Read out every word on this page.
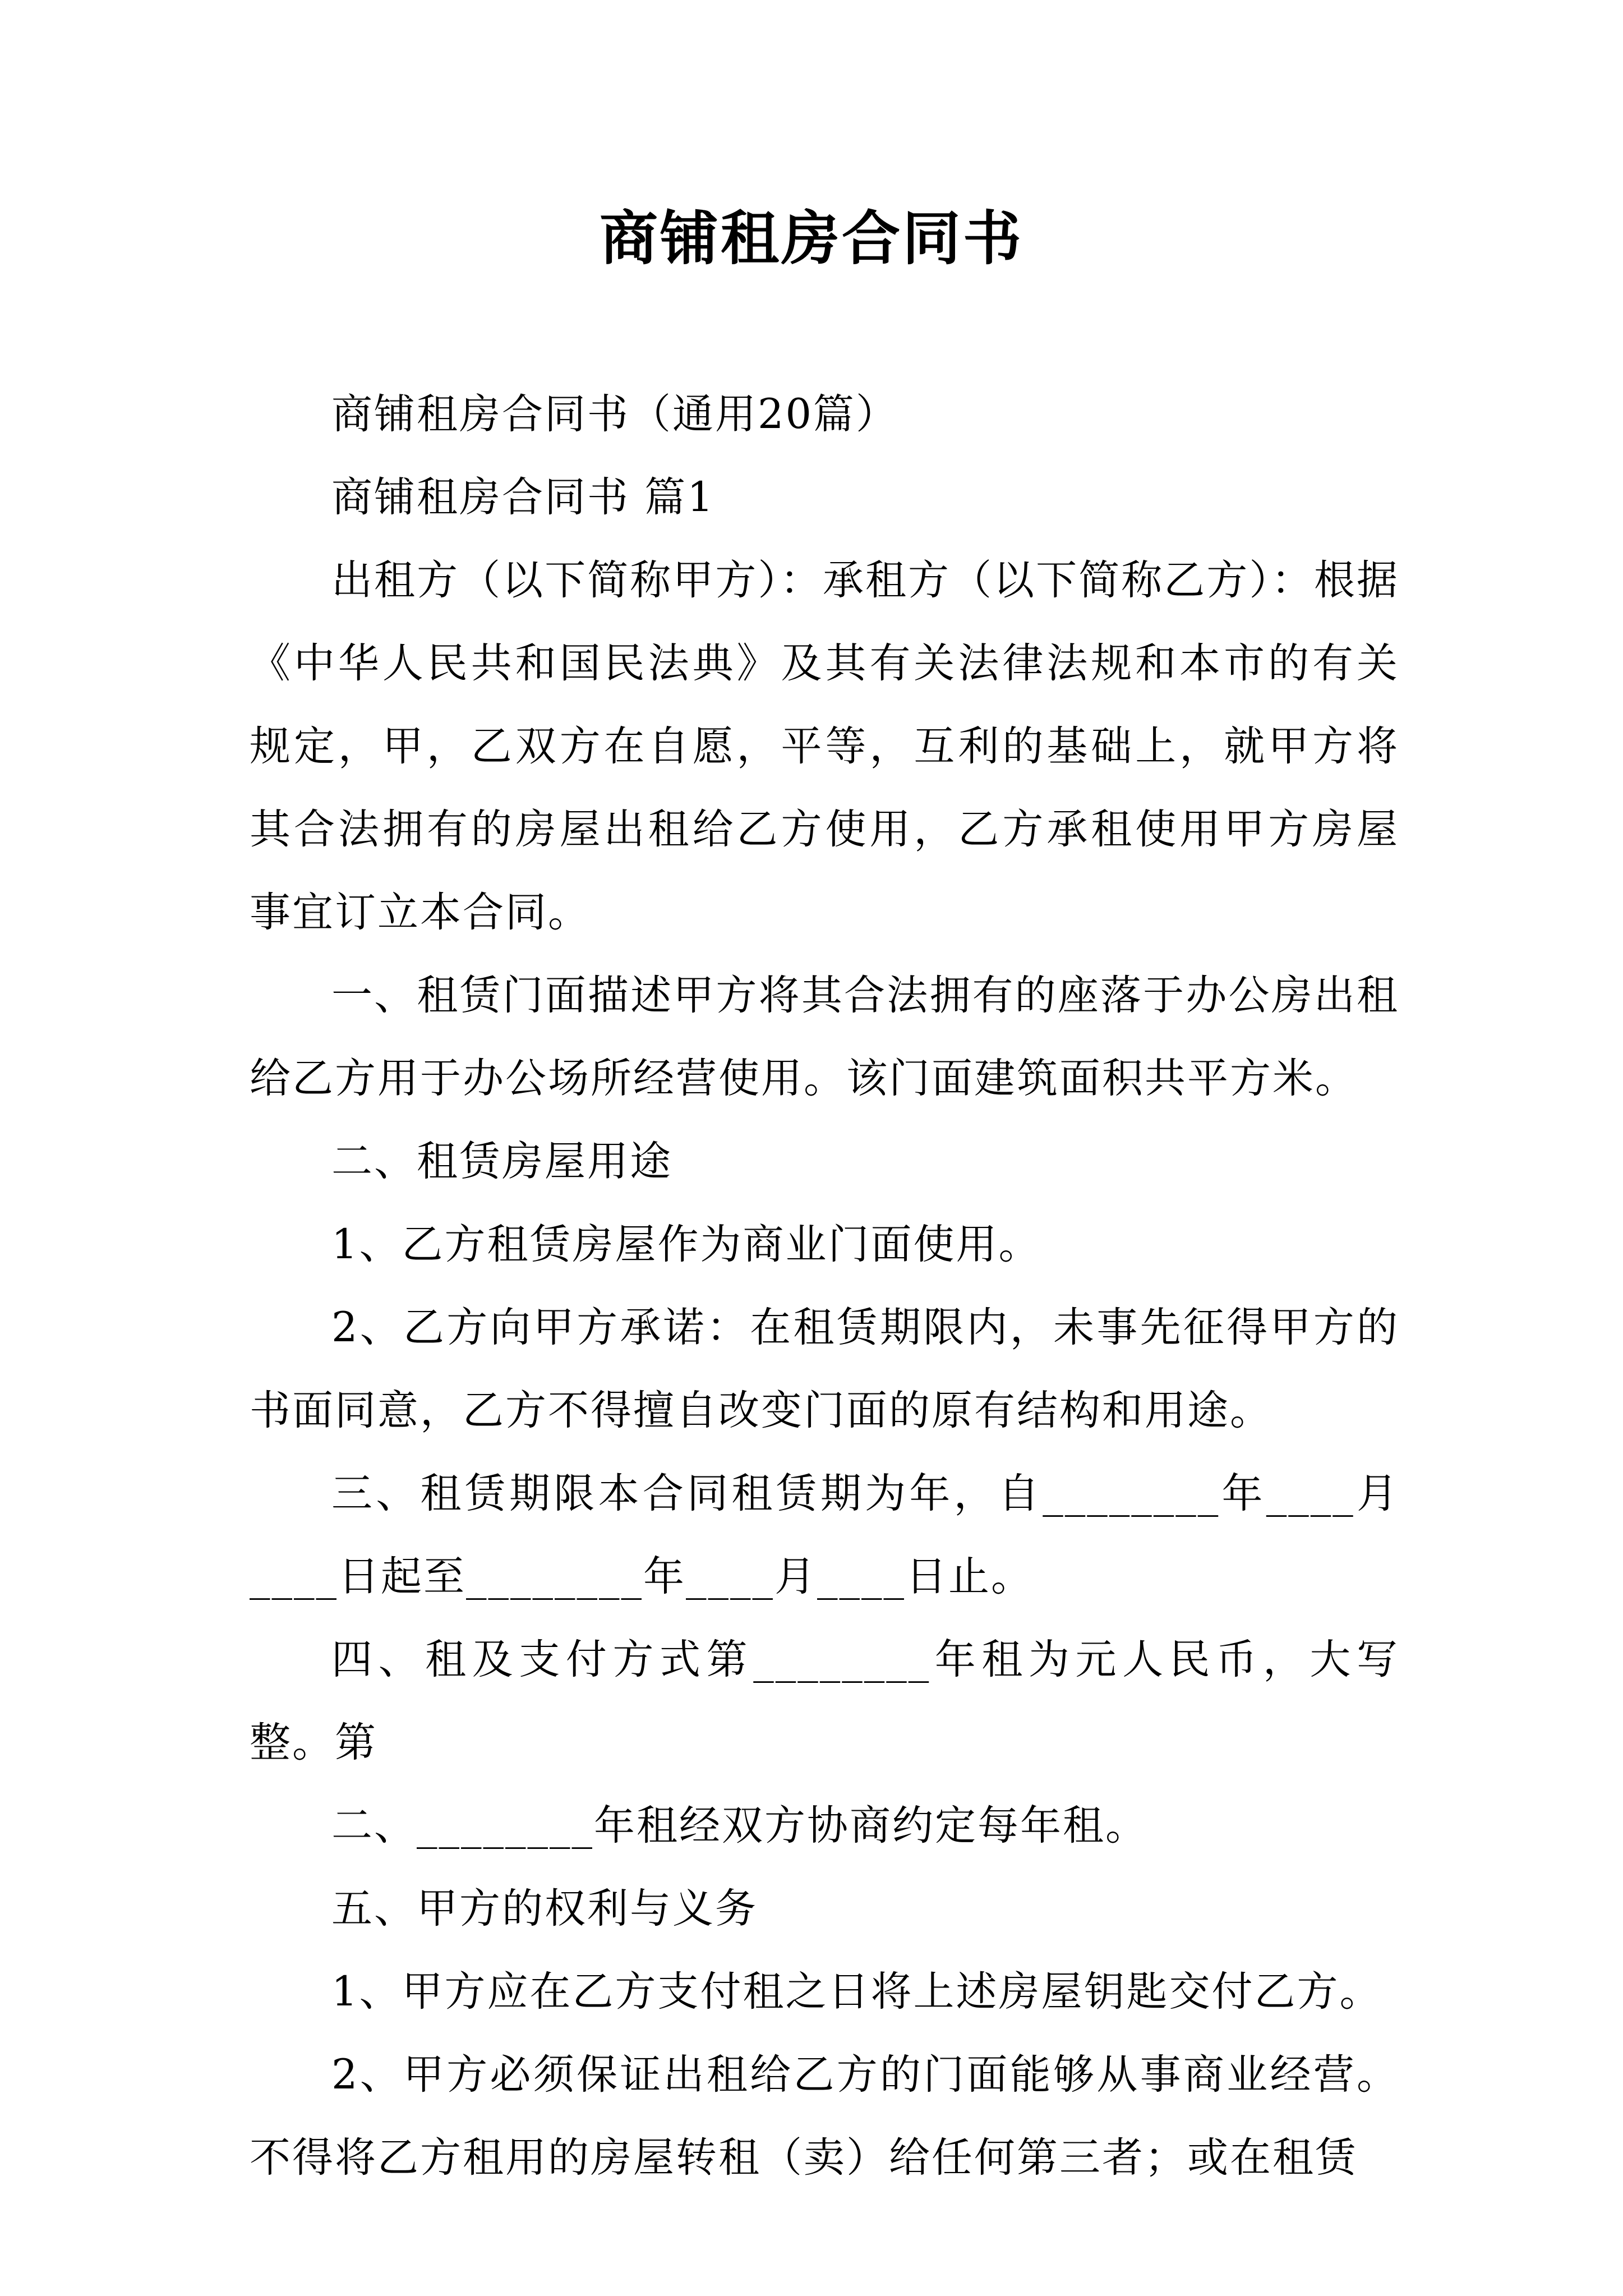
商铺租房合同书

商铺租房合同书（通用20篇）

商铺租房合同书 篇1

出租方（以下简称甲方）：承租方（以下简称乙方）：根据《中华人民共和国民法典》及其有关法律法规和本市的有关规定，甲，乙双方在自愿，平等，互利的基础上，就甲方将其合法拥有的房屋出租给乙方使用，乙方承租使用甲方房屋事宜订立本合同。

一、租赁门面描述甲方将其合法拥有的座落于办公房出租给乙方用于办公场所经营使用。该门面建筑面积共平方米。

二、租赁房屋用途

1、乙方租赁房屋作为商业门面使用。

2、乙方向甲方承诺：在租赁期限内，未事先征得甲方的书面同意，乙方不得擅自改变门面的原有结构和用途。

三、租赁期限本合同租赁期为年，自________年____月____日起至________年____月____日止。

四、租及支付方式第________年租为元人民币，大写整。第

二、________年租经双方协商约定每年租。

五、甲方的权利与义务

1、甲方应在乙方支付租之日将上述房屋钥匙交付乙方。

2、甲方必须保证出租给乙方的门面能够从事商业经营。不得将乙方租用的房屋转租（卖）给任何第三者；或在租赁
